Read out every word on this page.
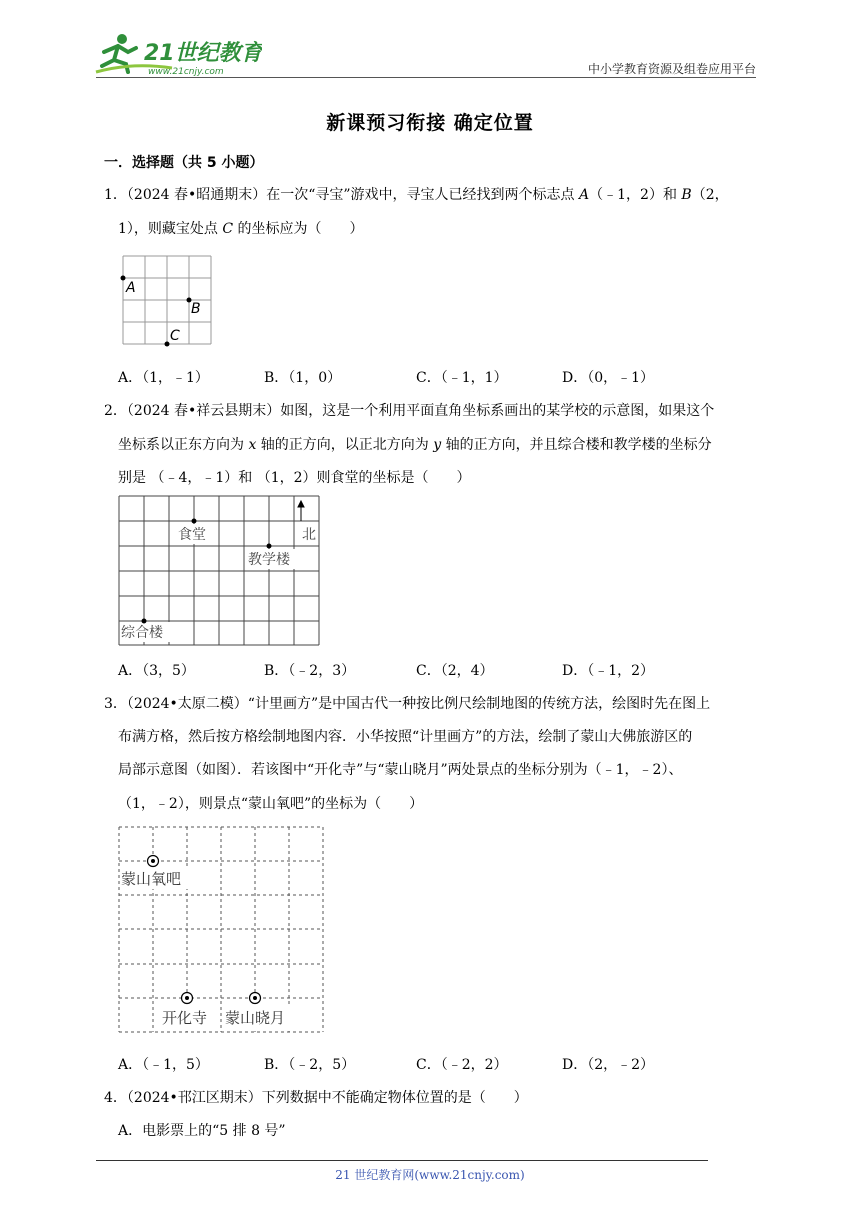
21世纪教育
www.21cnjy.com	中小学教育资源及组卷应用平台
新课预习衔接 确定位置
一．选择题（共 5 小题）
1．（2024 春•昭通期末）在一次“寻宝”游戏中，寻宝人已经找到两个标志点 A（﹣1，2）和 B（2，
1），则藏宝处点 C 的坐标应为（　　）
A
B
C
A．（1，﹣1）	B．（1，0）	C．（﹣1，1）	D．（0，﹣1）
2．（2024 春•祥云县期末）如图，这是一个利用平面直角坐标系画出的某学校的示意图，如果这个
坐标系以正东方向为 x 轴的正方向，以正北方向为 y 轴的正方向，并且综合楼和教学楼的坐标分
别是 （﹣4，﹣1）和 （1，2）则食堂的坐标是（　　）
食堂
教学楼
综合楼
北
A．（3，5）	B．（﹣2，3）	C．（2，4）	D．（﹣1，2）
3．（2024•太原二模）“计里画方”是中国古代一种按比例尺绘制地图的传统方法，绘图时先在图上
布满方格，然后按方格绘制地图内容．小华按照“计里画方”的方法，绘制了蒙山大佛旅游区的
局部示意图（如图）．若该图中“开化寺”与“蒙山晓月”两处景点的坐标分别为（﹣1，﹣2）、
（1，﹣2），则景点“蒙山氧吧”的坐标为（　　）
蒙山氧吧
开化寺 蒙山晓月
A．（﹣1，5）	B．（﹣2，5）	C．（﹣2，2）	D．（2，﹣2）
4．（2024•邗江区期末）下列数据中不能确定物体位置的是（　　）
A．电影票上的“5 排 8 号”
21 世纪教育网(www.21cnjy.com)
